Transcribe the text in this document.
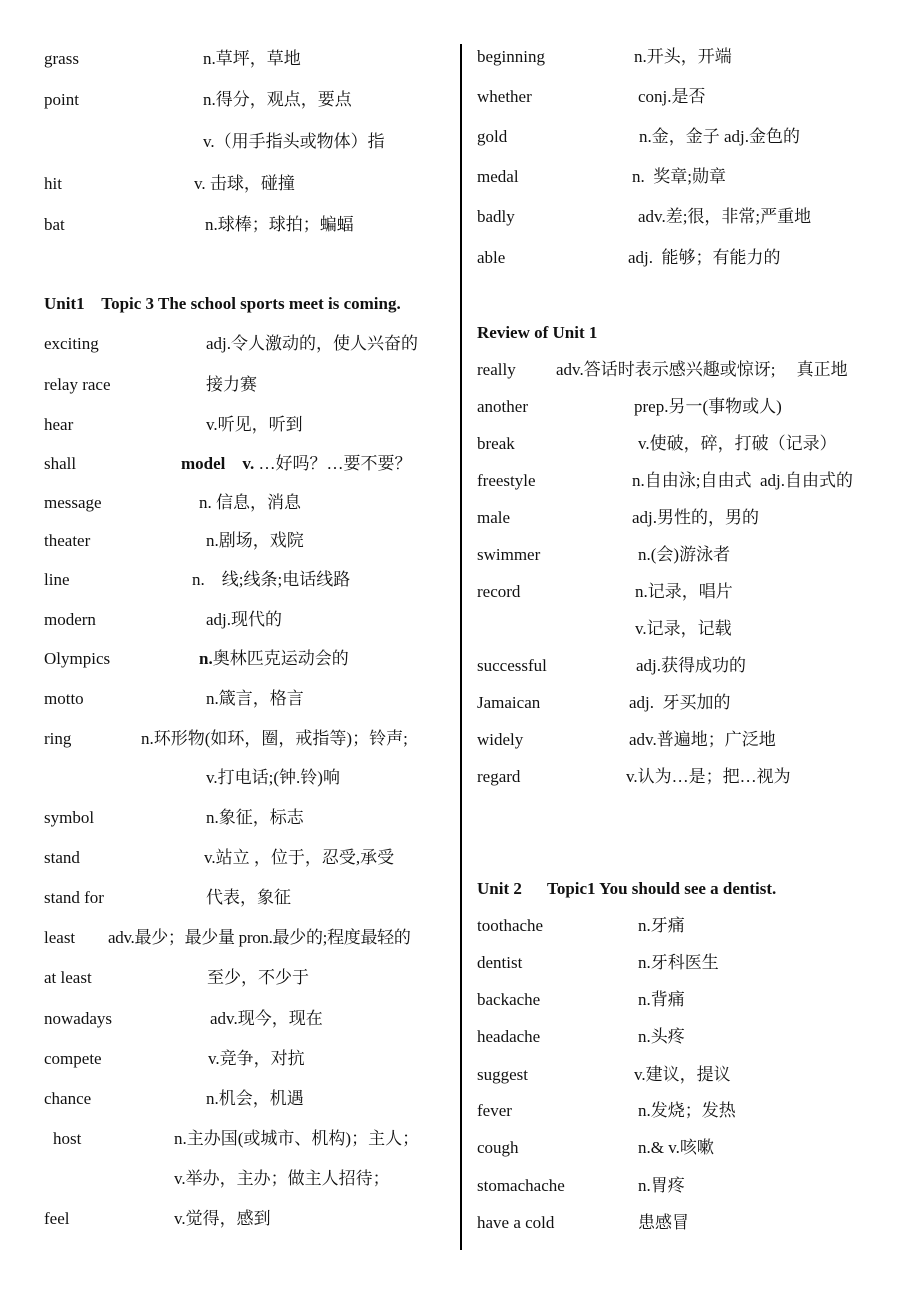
grass	n.草坪，草地
point	n.得分，观点，要点
v.（用手指头或物体）指
hit	v. 击球，碰撞
bat	n.球棒；球拍；蝙蝠
Unit1    Topic 3 The school sports meet is coming.
exciting	adj.令人激动的，使人兴奋的
relay race	接力赛
hear	v.听见，听到
shall	model    v. …好吗？…要不要？
message	n. 信息，消息
theater	n.剧场，戏院
line	n.    线;线条;电话线路
modern	adj.现代的
Olympics	n.奥林匹克运动会的
motto	n.箴言，格言
ring	n.环形物(如环，圈，戒指等)；铃声;
v.打电话;(钟.铃)响
symbol	n.象征，标志
stand	v.站立 ，位于，忍受,承受
stand for	代表，象征
least adv.最少；最少量 pron.最少的;程度最轻的
at least	至少，不少于
nowadays	adv.现今，现在
compete	v.竞争，对抗
chance	n.机会，机遇
host	n.主办国(或城市、机构)；主人；
v.举办，主办；做主人招待；
feel	v.觉得，感到
beginning	n.开头，开端
whether	conj.是否
gold	n.金，金子 adj.金色的
medal	n.  奖章;勋章
badly	adv.差;很，非常;严重地
able	adj.  能够；有能力的
Review of Unit 1
really adv.答话时表示感兴趣或惊讶;     真正地
another	prep.另一(事物或人)
break	v.使破，碎，打破（记录）
freestyle	n.自由泳;自由式  adj.自由式的
male	adj.男性的，男的
swimmer	n.(会)游泳者
record	n.记录，唱片
v.记录，记载
successful	adj.获得成功的
Jamaican	adj.  牙买加的
widely	adv.普遍地；广泛地
regard	v.认为…是；把…视为
Unit 2      Topic1 You should see a dentist.
toothache	n.牙痛
dentist	n.牙科医生
backache	n.背痛
headache	n.头疼
suggest	v.建议，提议
fever	n.发烧；发热
cough	n.& v.咳嗽
stomachache	n.胃疼
have a cold	患感冒
